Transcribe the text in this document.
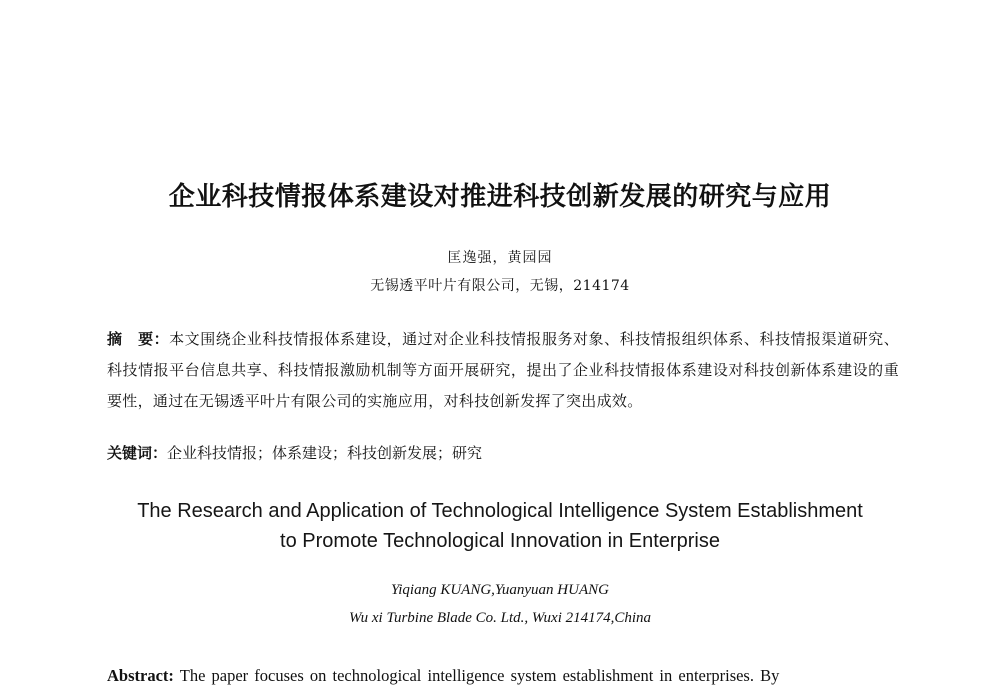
企业科技情报体系建设对推进科技创新发展的研究与应用
匡逸强，黄园园
无锡透平叶片有限公司，无锡，214174
摘　要：本文围绕企业科技情报体系建设，通过对企业科技情报服务对象、科技情报组织体系、科技情报渠道研究、科技情报平台信息共享、科技情报激励机制等方面开展研究，提出了企业科技情报体系建设对科技创新体系建设的重要性，通过在无锡透平叶片有限公司的实施应用，对科技创新发挥了突出成效。
关键词：企业科技情报；体系建设；科技创新发展；研究
The Research and Application of Technological Intelligence System Establishment
to Promote Technological Innovation in Enterprise
Yiqiang KUANG,Yuanyuan HUANG
Wu xi Turbine Blade Co. Ltd., Wuxi 214174,China
Abstract: The paper focuses on technological intelligence system establishment in enterprises. By
